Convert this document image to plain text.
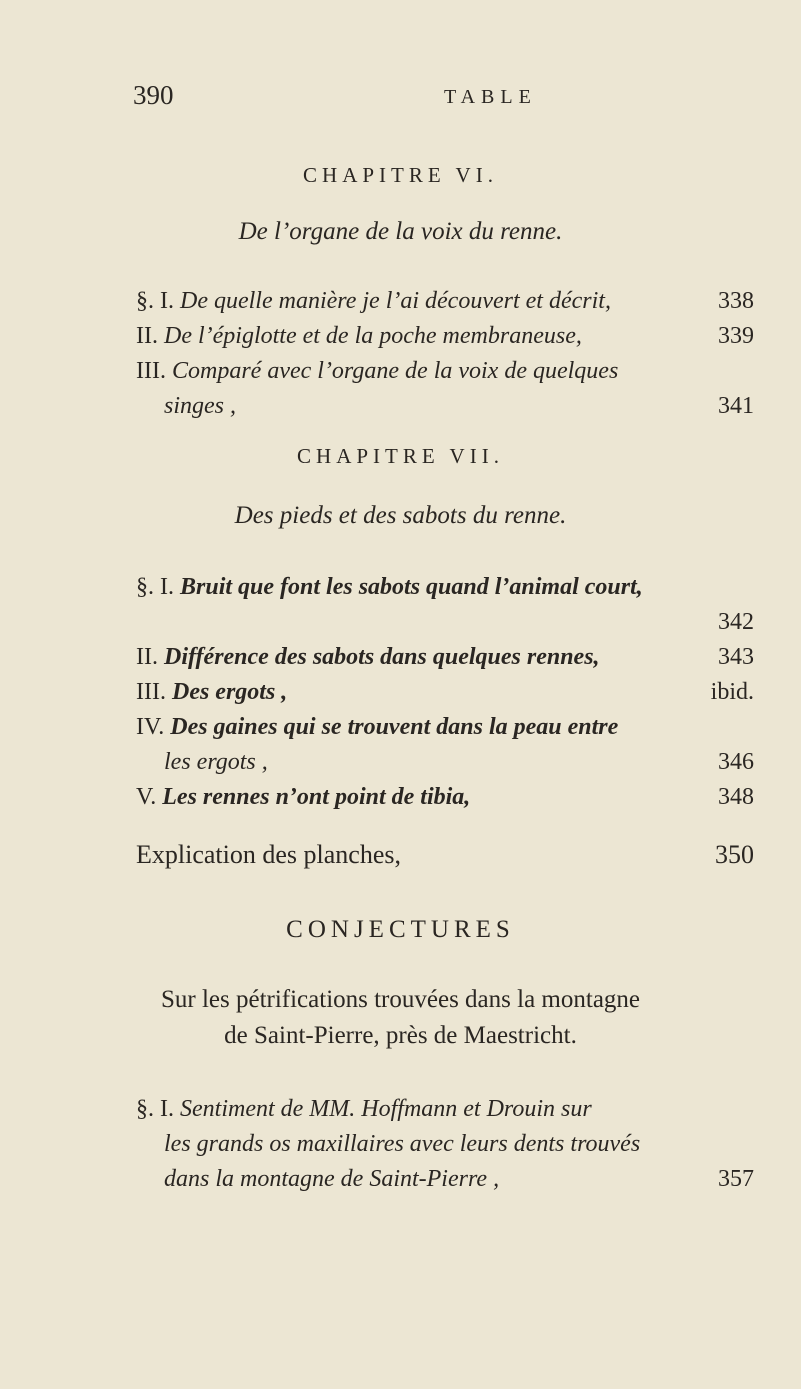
390	TABLE
CHAPITRE VI.
De l’organe de la voix du renne.
§. I. De quelle manière je l’ai découvert et décrit,	338
II. De l’épiglotte et de la poche membraneuse,	339
III. Comparé avec l’organe de la voix de quelques
singes ,	341
CHAPITRE VII.
Des pieds et des sabots du renne.
§. I. Bruit que font les sabots quand l’animal court,
342
II. Différence des sabots dans quelques rennes,	343
III. Des ergots ,	ibid.
IV. Des gaines qui se trouvent dans la peau entre
les ergots ,	346
V. Les rennes n’ont point de tibia,	348
Explication des planches,	350
CONJECTURES
Sur les pétrifications trouvées dans la montagne
de Saint-Pierre, près de Maestricht.
§. I. Sentiment de MM. Hoffmann et Drouin sur
les grands os maxillaires avec leurs dents trouvés
dans la montagne de Saint-Pierre ,	357
